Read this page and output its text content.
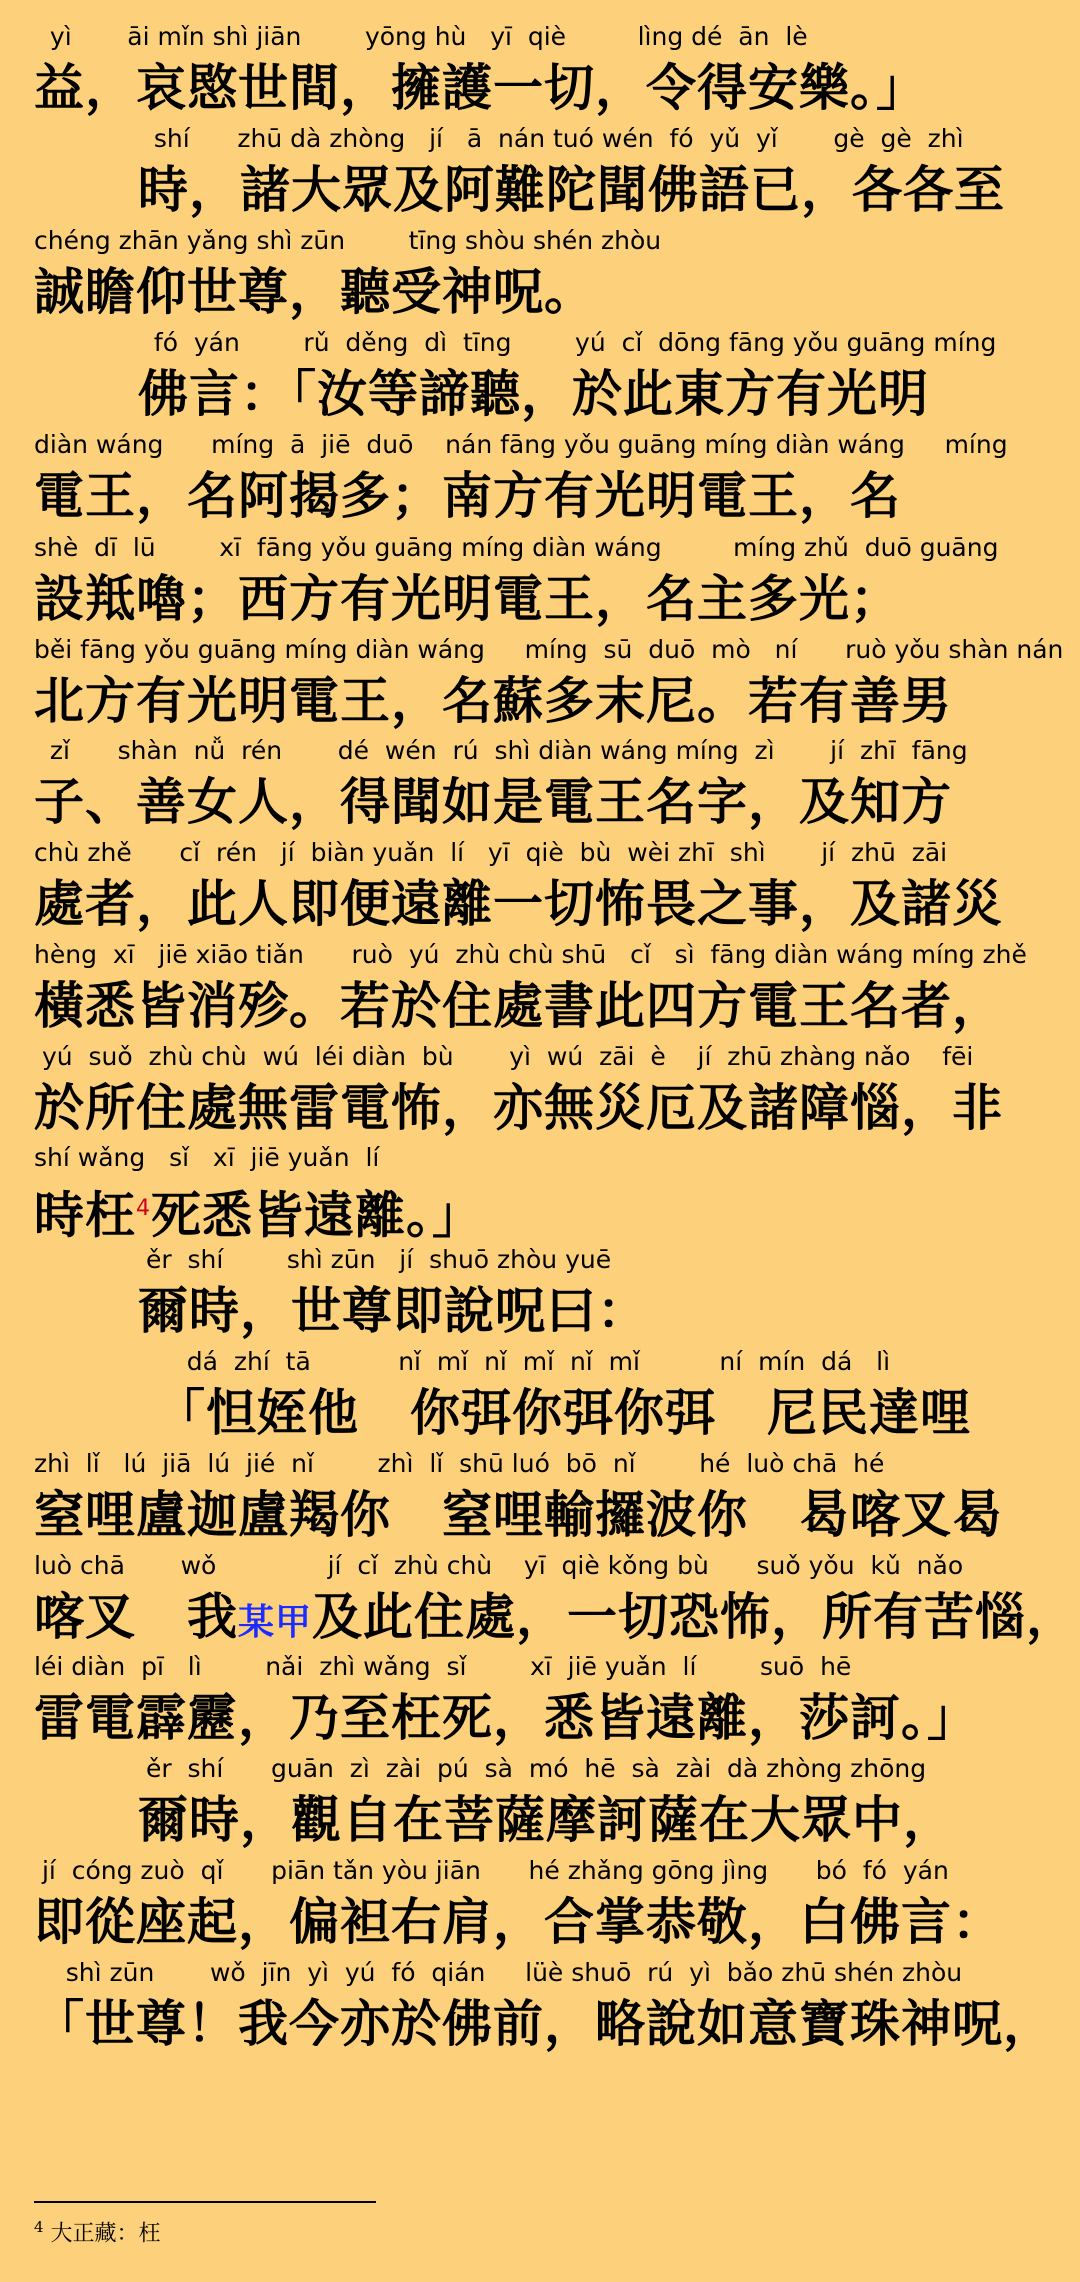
yì       āi mǐn shì jiān        yōng hù   yī  qiè         lìng dé  ān  lè
益，哀愍世間，擁護一切，令得安樂。」
shí      zhū dà zhòng   jí   ā  nán tuó wén  fó  yǔ  yǐ       gè  gè  zhì
時，諸大眾及阿難陀聞佛語已，各各至
chéng zhān yǎng shì zūn        tīng shòu shén zhòu
誠瞻仰世尊，聽受神呪。
fó  yán        rǔ  děng  dì  tīng        yú  cǐ  dōng fāng yǒu guāng míng
佛言：「汝等諦聽，於此東方有光明
diàn wáng      míng  ā  jiē  duō    nán fāng yǒu guāng míng diàn wáng     míng
電王，名阿揭多；南方有光明電王，名
shè  dī  lū        xī  fāng yǒu guāng míng diàn wáng         míng zhǔ  duō guāng
設羝嚕；西方有光明電王，名主多光；
běi fāng yǒu guāng míng diàn wáng     míng  sū  duō  mò   ní      ruò yǒu shàn nán
北方有光明電王，名蘇多末尼。若有善男
zǐ      shàn  nǚ  rén       dé  wén  rú  shì diàn wáng míng  zì       jí  zhī  fāng
子、善女人，得聞如是電王名字，及知方
chù zhě      cǐ  rén   jí  biàn yuǎn  lí   yī  qiè  bù  wèi zhī  shì       jí  zhū  zāi
處者，此人即便遠離一切怖畏之事，及諸災
hèng  xī   jiē xiāo tiǎn      ruò  yú  zhù chù shū   cǐ   sì  fāng diàn wáng míng zhě
橫悉皆消殄。若於住處書此四方電王名者，
yú  suǒ  zhù chù  wú  léi diàn  bù       yì  wú  zāi  è    jí  zhū zhàng nǎo    fēi
於所住處無雷電怖，亦無災厄及諸障惱，非
shí wǎng   sǐ   xī  jiē yuǎn  lí
時枉$^4$死悉皆遠離。」
ěr  shí        shì zūn   jí  shuō zhòu yuē
爾時，世尊即說呪曰：
dá  zhí  tā           nǐ  mǐ  nǐ  mǐ  nǐ  mǐ          ní  mín  dá   lì
「怛姪他　你弭你弭你弭　尼民達哩
zhì  lǐ   lú  jiā  lú  jié  nǐ        zhì  lǐ  shū luó  bō  nǐ        hé  luò chā  hé
窒哩盧迦盧羯你　窒哩輸攞波你　曷喀叉曷
luò chā       wǒ              jí  cǐ  zhù chù    yī  qiè kǒng bù      suǒ yǒu  kǔ  nǎo
喀叉　我某甲及此住處，一切恐怖，所有苦惱，
léi diàn  pī   lì        nǎi  zhì wǎng  sǐ        xī  jiē yuǎn  lí        suō  hē
雷電霹靂，乃至枉死，悉皆遠離，莎訶。」
ěr  shí      guān  zì  zài  pú  sà  mó  hē  sà  zài  dà zhòng zhōng
爾時，觀自在菩薩摩訶薩在大眾中，
jí  cóng zuò  qǐ      piān tǎn yòu jiān      hé zhǎng gōng jìng      bó  fó  yán
即從座起，偏袒右肩，合掌恭敬，白佛言：
shì zūn       wǒ  jīn  yì  yú  fó  qián     lüè shuō  rú  yì  bǎo zhū shén zhòu
「世尊！我今亦於佛前，略說如意寶珠神呪，
$^4$ 大正藏：枉
